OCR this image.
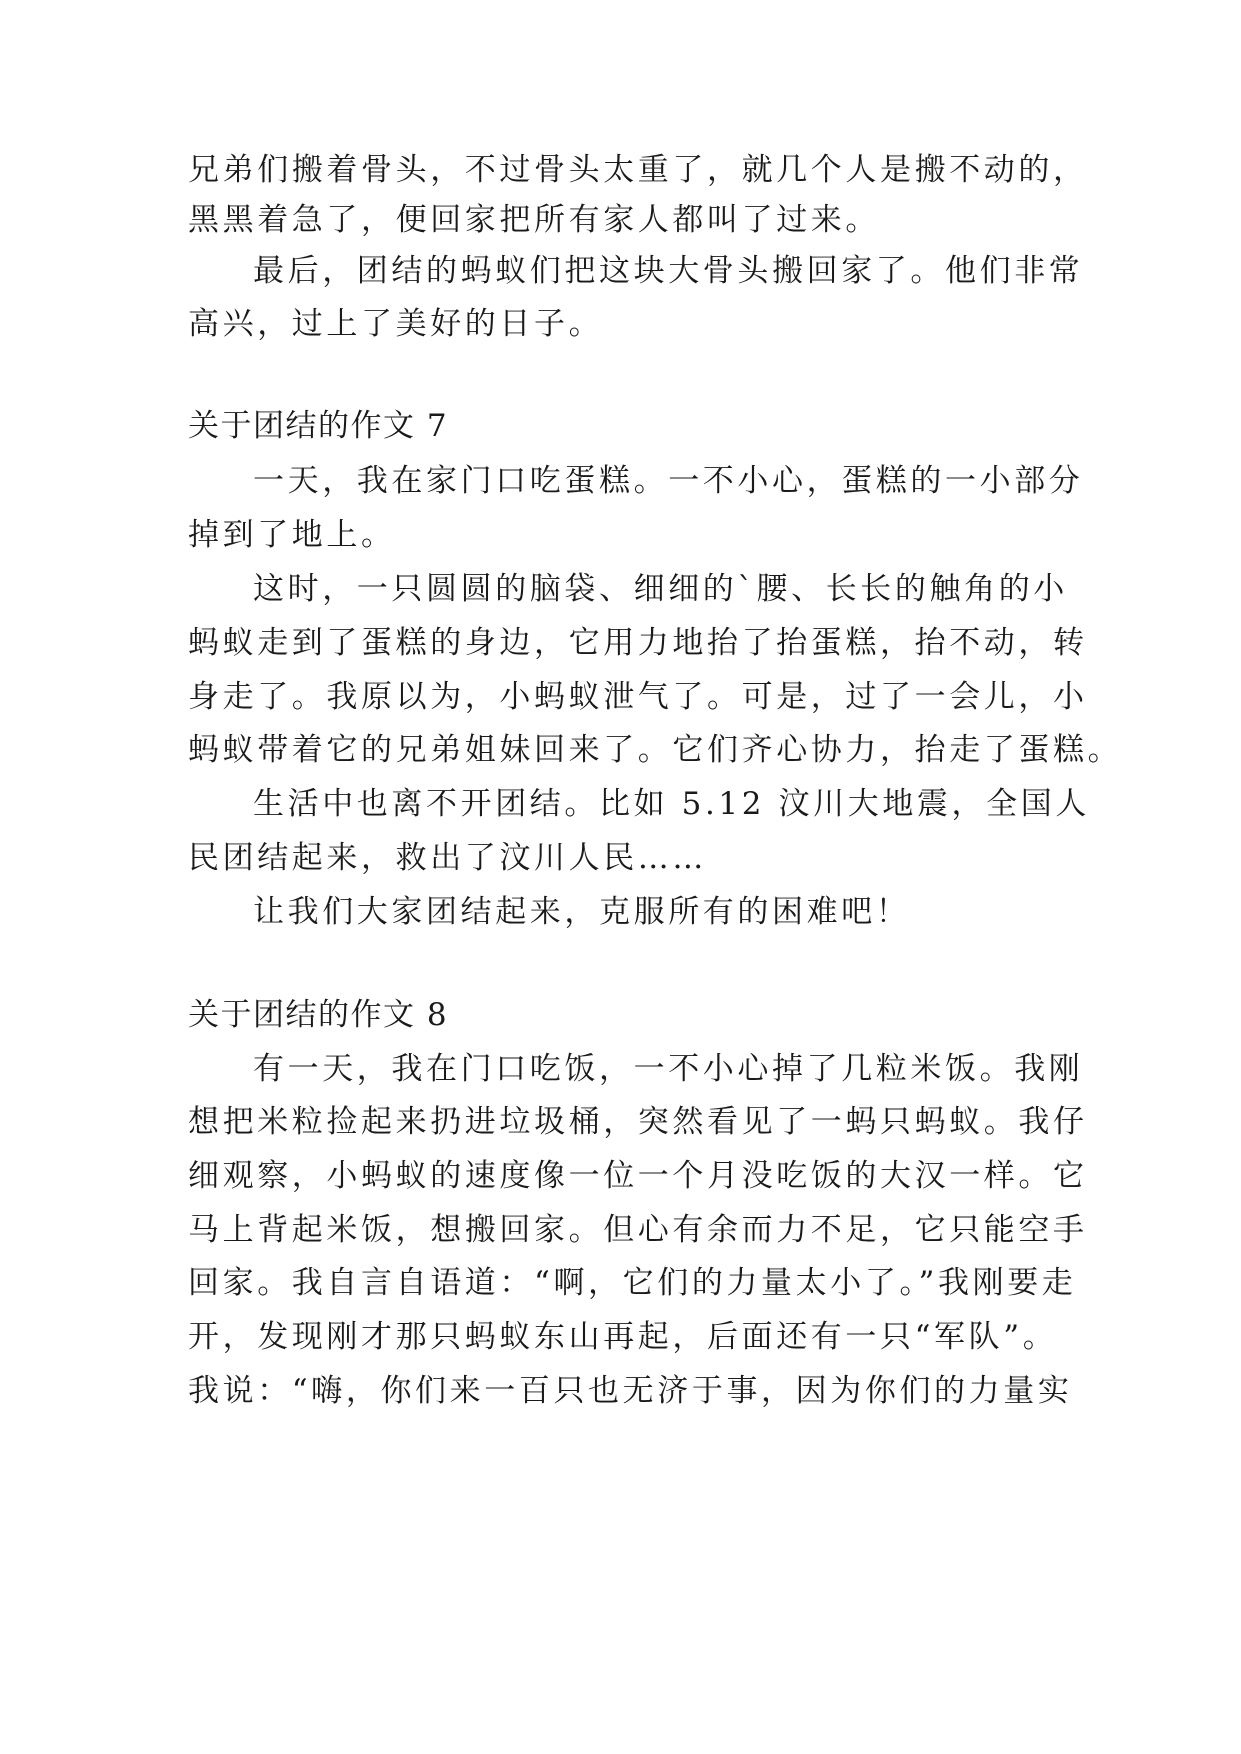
兄弟们搬着骨头，不过骨头太重了，就几个人是搬不动的，
黑黑着急了，便回家把所有家人都叫了过来。
最后，团结的蚂蚁们把这块大骨头搬回家了。他们非常
高兴，过上了美好的日子。
关于团结的作文 7
一天，我在家门口吃蛋糕。一不小心，蛋糕的一小部分
掉到了地上。
这时，一只圆圆的脑袋、细细的`腰、长长的触角的小
蚂蚁走到了蛋糕的身边，它用力地抬了抬蛋糕，抬不动，转
身走了。我原以为，小蚂蚁泄气了。可是，过了一会儿，小
蚂蚁带着它的兄弟姐妹回来了。它们齐心协力，抬走了蛋糕。
生活中也离不开团结。比如 5.12 汶川大地震，全国人
民团结起来，救出了汶川人民……
让我们大家团结起来，克服所有的困难吧！
关于团结的作文 8
有一天，我在门口吃饭，一不小心掉了几粒米饭。我刚
想把米粒捡起来扔进垃圾桶，突然看见了一蚂只蚂蚁。我仔
细观察，小蚂蚁的速度像一位一个月没吃饭的大汉一样。它
马上背起米饭，想搬回家。但心有余而力不足，它只能空手
回家。我自言自语道：“啊，它们的力量太小了。”我刚要走
开，发现刚才那只蚂蚁东山再起，后面还有一只“军队”。
我说：“嗨，你们来一百只也无济于事，因为你们的力量实
